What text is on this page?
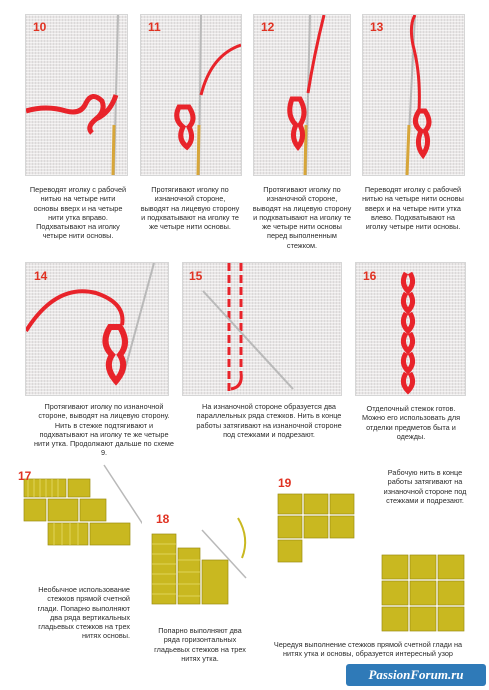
10	11	12	13

Переводят иголку с рабочей нитью на четыре нити основы вверх и на четыре нити утка вправо. Подхватывают на иголку четыре нити основы.

Протягивают иголку по изнаночной стороне, выводят на лицевую сторону и подхватывают на иголку те же четыре нити основы.

Протягивают иголку по изнаночной стороне, выводят на лицевую сторону и подхватывают на иголку те же четыре нити основы перед выполненным стежком.

Переводят иголку с рабочей нитью на четыре нити основы вверх и на четыре нити утка влево. Подхватывают на иголку четыре нити основы.

14	15	16

Протягивают иголку по изнаночной стороне, выводят на лицевую сторону. Нить в стежке подтягивают и подхватывают на иголку те же четыре нити утка. Продолжают дальше по схеме 9.

На изнаночной стороне образуется два параллельных ряда стежков. Нить в конце работы затягивают на изнаночной стороне под стежками и подрезают.

Отделочный стежок готов. Можно его использовать для отделки предметов быта и одежды.

17
18
19

Необычное использование стежков прямой счетной глади. Попарно выполняют два ряда вертикальных гладьевых стежков на трех нитях основы.

Попарно выполняют два ряда горизонтальных гладьевых стежков на трех нитях утка.

Рабочую нить в конце работы затягивают на изнаночной стороне под стежками и подрезают.

Чередуя выполнение стежков прямой счетной глади на нитях утка и основы, образуется интересный узор

PassionForum.ru
